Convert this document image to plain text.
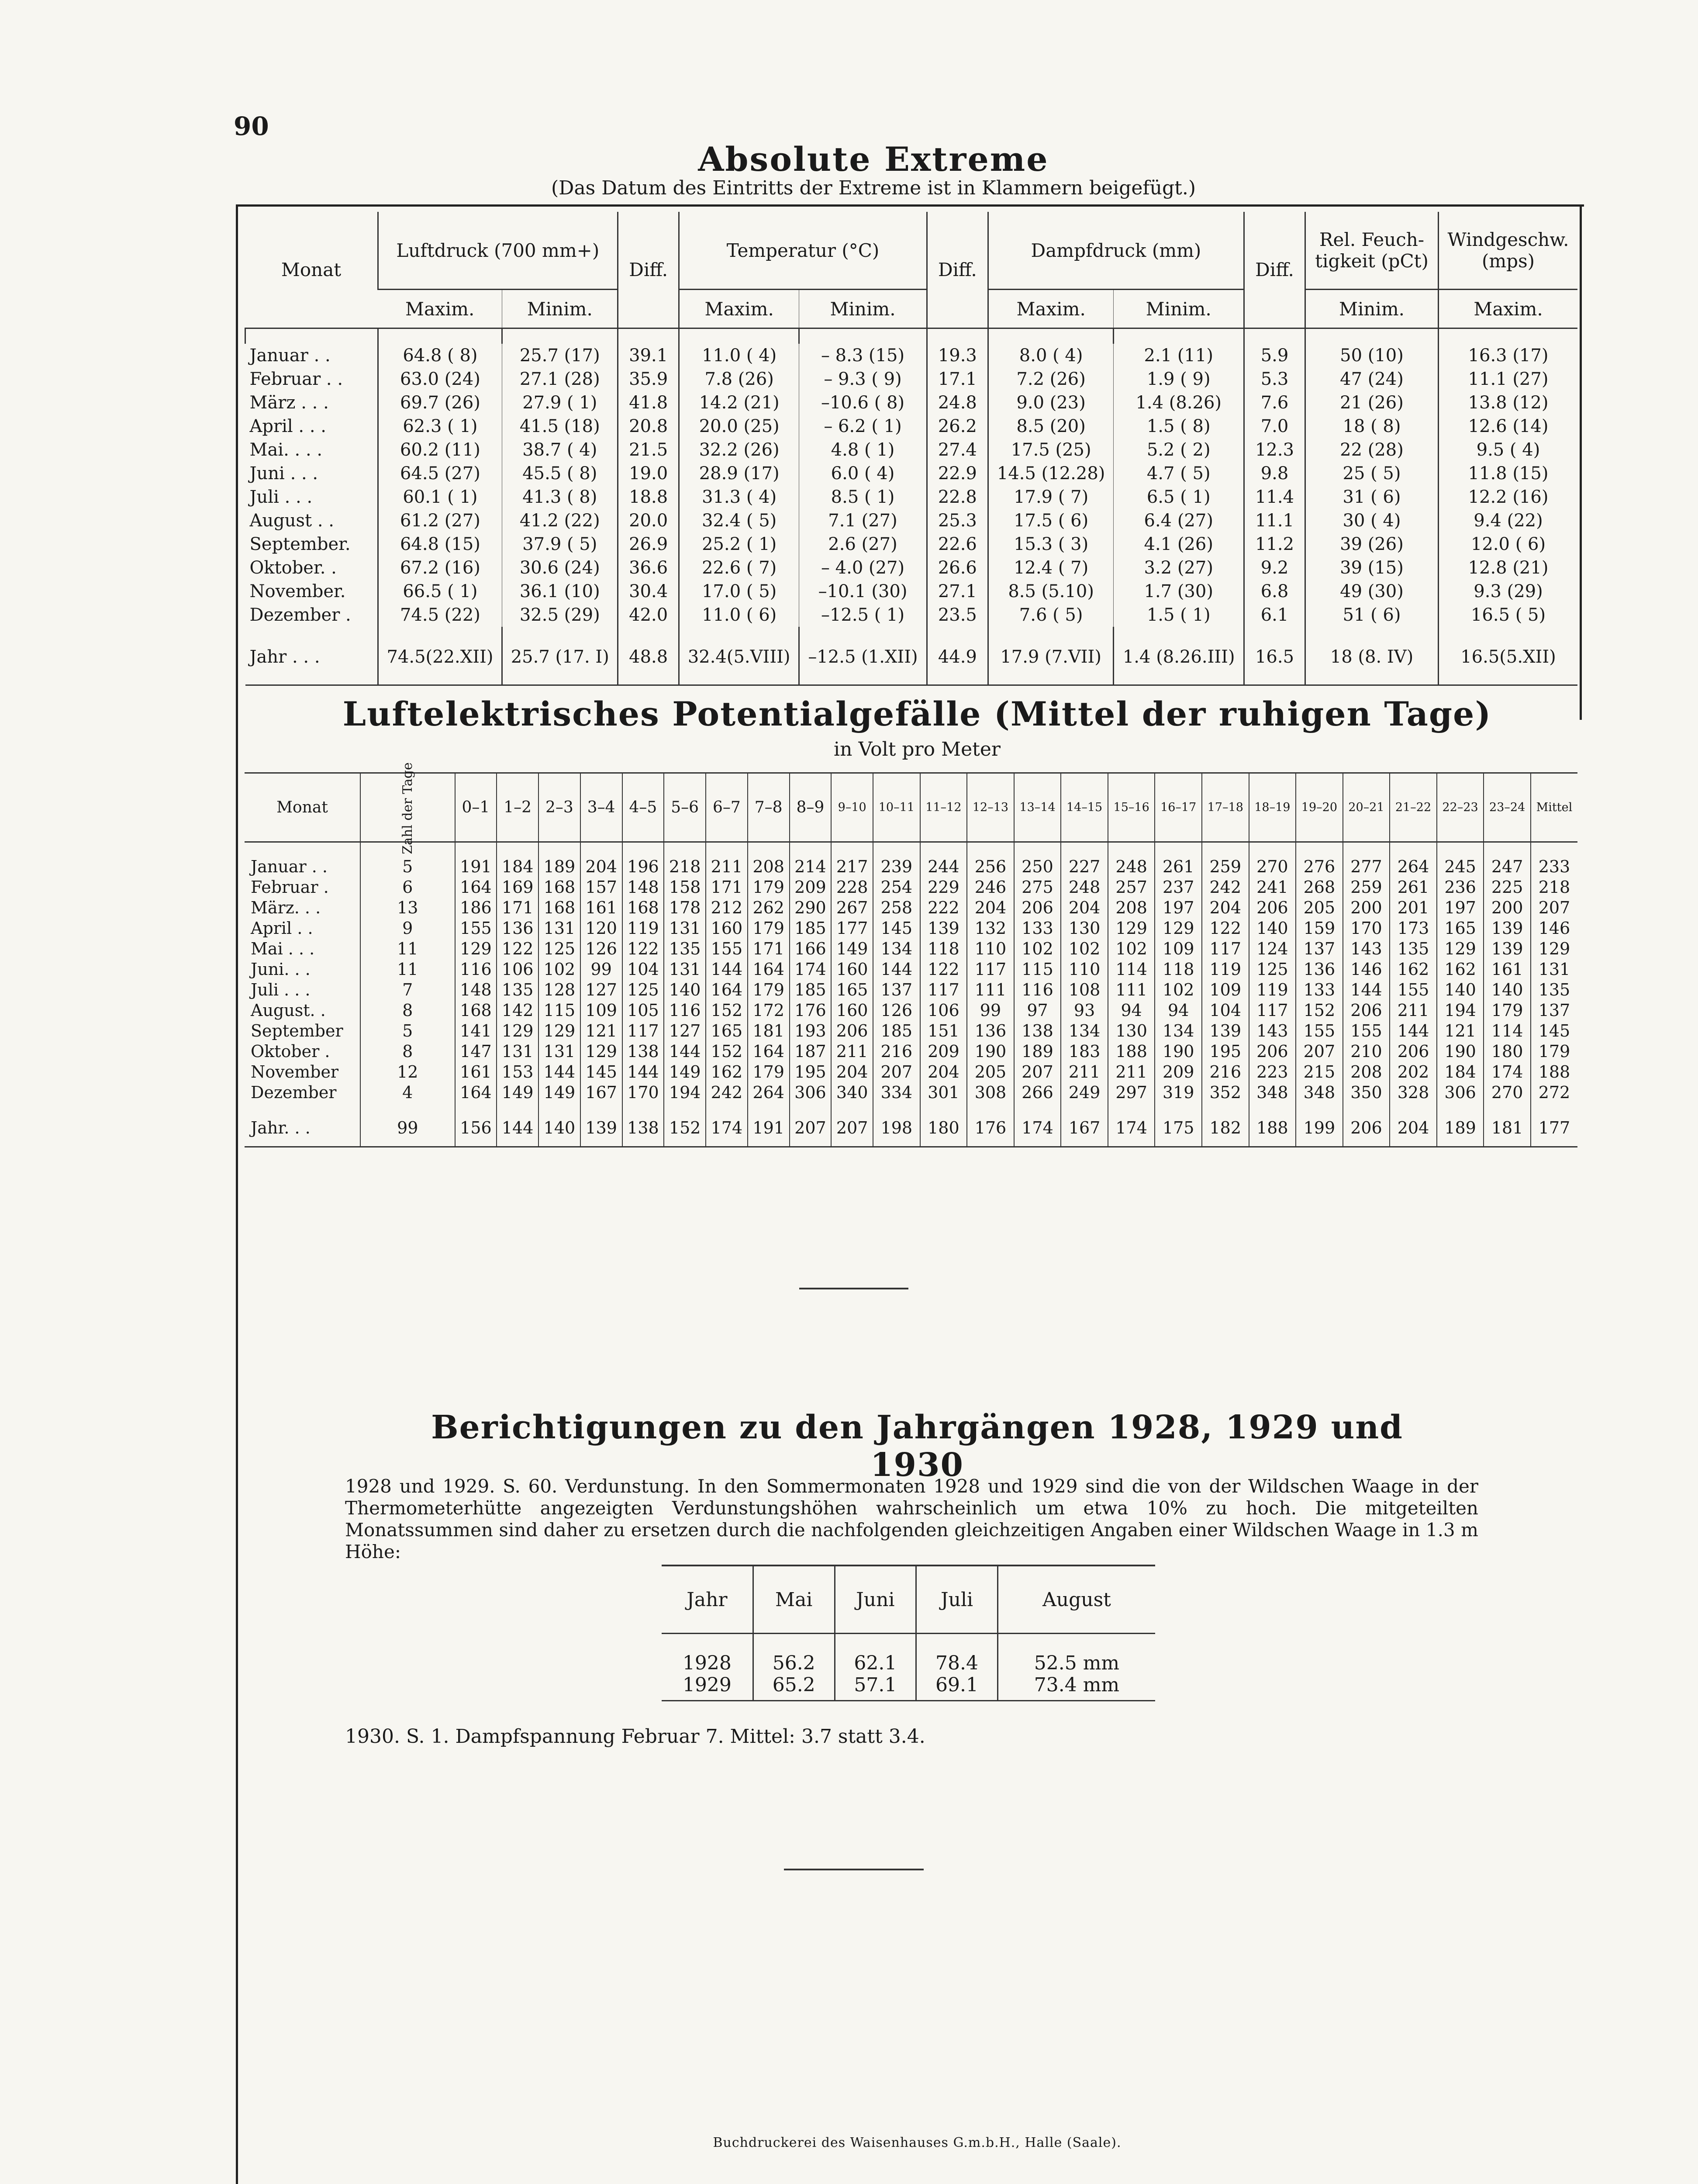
90
Absolute Extreme
(Das Datum des Eintritts der Extreme ist in Klammern beigefügt.)
Monat	Luftdruck (700 mm+)		Diff.	Temperatur (°C)		Diff.	Dampfdruck (mm)		Diff.	Rel. Feuch-tigkeit (pCt)	Windgeschw. (mps)
	Maxim.	Minim.		Maxim.	Minim.		Maxim.	Minim.		Minim.	Maxim.

Januar . .	64.8 ( 8)	25.7 (17)	39.1	11.0 ( 4)	– 8.3 (15)	19.3	8.0 ( 4)	2.1 (11)	5.9	50 (10)	16.3 (17)
Februar . .	63.0 (24)	27.1 (28)	35.9	7.8 (26)	– 9.3 ( 9)	17.1	7.2 (26)	1.9 ( 9)	5.3	47 (24)	11.1 (27)
März . . .	69.7 (26)	27.9 ( 1)	41.8	14.2 (21)	–10.6 ( 8)	24.8	9.0 (23)	1.4 (8.26)	7.6	21 (26)	13.8 (12)
April . . .	62.3 ( 1)	41.5 (18)	20.8	20.0 (25)	– 6.2 ( 1)	26.2	8.5 (20)	1.5 ( 8)	7.0	18 ( 8)	12.6 (14)
Mai. . . .	60.2 (11)	38.7 ( 4)	21.5	32.2 (26)	4.8 ( 1)	27.4	17.5 (25)	5.2 ( 2)	12.3	22 (28)	9.5 ( 4)
Juni . . .	64.5 (27)	45.5 ( 8)	19.0	28.9 (17)	6.0 ( 4)	22.9	14.5 (12.28)	4.7 ( 5)	9.8	25 ( 5)	11.8 (15)
Juli . . .	60.1 ( 1)	41.3 ( 8)	18.8	31.3 ( 4)	8.5 ( 1)	22.8	17.9 ( 7)	6.5 ( 1)	11.4	31 ( 6)	12.2 (16)
August . .	61.2 (27)	41.2 (22)	20.0	32.4 ( 5)	7.1 (27)	25.3	17.5 ( 6)	6.4 (27)	11.1	30 ( 4)	9.4 (22)
September.	64.8 (15)	37.9 ( 5)	26.9	25.2 ( 1)	2.6 (27)	22.6	15.3 ( 3)	4.1 (26)	11.2	39 (26)	12.0 ( 6)
Oktober. .	67.2 (16)	30.6 (24)	36.6	22.6 ( 7)	– 4.0 (27)	26.6	12.4 ( 7)	3.2 (27)	9.2	39 (15)	12.8 (21)
November.	66.5 ( 1)	36.1 (10)	30.4	17.0 ( 5)	–10.1 (30)	27.1	8.5 (5.10)	1.7 (30)	6.8	49 (30)	9.3 (29)
Dezember .	74.5 (22)	32.5 (29)	42.0	11.0 ( 6)	–12.5 ( 1)	23.5	7.6 ( 5)	1.5 ( 1)	6.1	51 ( 6)	16.5 ( 5)

Jahr . . .	74.5(22.XII)	25.7 (17. I)	48.8	32.4(5.VIII)	–12.5 (1.XII)	44.9	17.9 (7.VII)	1.4 (8.26.III)	16.5	18 (8. IV)	16.5(5.XII)
Luftelektrisches Potentialgefälle (Mittel der ruhigen Tage)
in Volt pro Meter
Monat	Zahl der Tage	0–1	1–2	2–3	3–4	4–5	5–6	6–7	7–8	8–9	9–10	10–11	11–12	12–13	13–14	14–15	15–16	16–17	17–18	18–19	19–20	20–21	21–22	22–23	23–24	Mittel

Januar . .	5	191	184	189	204	196	218	211	208	214	217	239	244	256	250	227	248	261	259	270	276	277	264	245	247	233
Februar .	6	164	169	168	157	148	158	171	179	209	228	254	229	246	275	248	257	237	242	241	268	259	261	236	225	218
März. . .	13	186	171	168	161	168	178	212	262	290	267	258	222	204	206	204	208	197	204	206	205	200	201	197	200	207
April . .	9	155	136	131	120	119	131	160	179	185	177	145	139	132	133	130	129	129	122	140	159	170	173	165	139	146
Mai . . .	11	129	122	125	126	122	135	155	171	166	149	134	118	110	102	102	102	109	117	124	137	143	135	129	139	129
Juni. . .	11	116	106	102	99	104	131	144	164	174	160	144	122	117	115	110	114	118	119	125	136	146	162	162	161	131
Juli . . .	7	148	135	128	127	125	140	164	179	185	165	137	117	111	116	108	111	102	109	119	133	144	155	140	140	135
August. .	8	168	142	115	109	105	116	152	172	176	160	126	106	99	97	93	94	94	104	117	152	206	211	194	179	137
September	5	141	129	129	121	117	127	165	181	193	206	185	151	136	138	134	130	134	139	143	155	155	144	121	114	145
Oktober .	8	147	131	131	129	138	144	152	164	187	211	216	209	190	189	183	188	190	195	206	207	210	206	190	180	179
November	12	161	153	144	145	144	149	162	179	195	204	207	204	205	207	211	211	209	216	223	215	208	202	184	174	188
Dezember	4	164	149	149	167	170	194	242	264	306	340	334	301	308	266	249	297	319	352	348	348	350	328	306	270	272

Jahr. . .	99	156	144	140	139	138	152	174	191	207	207	198	180	176	174	167	174	175	182	188	199	206	204	189	181	177
Berichtigungen zu den Jahrgängen 1928, 1929 und 1930
1928 und 1929. S. 60. Verdunstung. In den Sommermonaten 1928 und 1929 sind die von der Wildschen Waage in der Thermometerhütte angezeigten Verdunstungshöhen wahrscheinlich um etwa 10% zu hoch. Die mitgeteilten Monatssummen sind daher zu ersetzen durch die nachfolgenden gleichzeitigen Angaben einer Wildschen Waage in 1.3 m Höhe:
Jahr	Mai	Juni	Juli	August

1928	56.2	62.1	78.4	52.5 mm
1929	65.2	57.1	69.1	73.4 mm
1930. S. 1. Dampfspannung Februar 7. Mittel: 3.7 statt 3.4.
Buchdruckerei des Waisenhauses G.m.b.H., Halle (Saale).
